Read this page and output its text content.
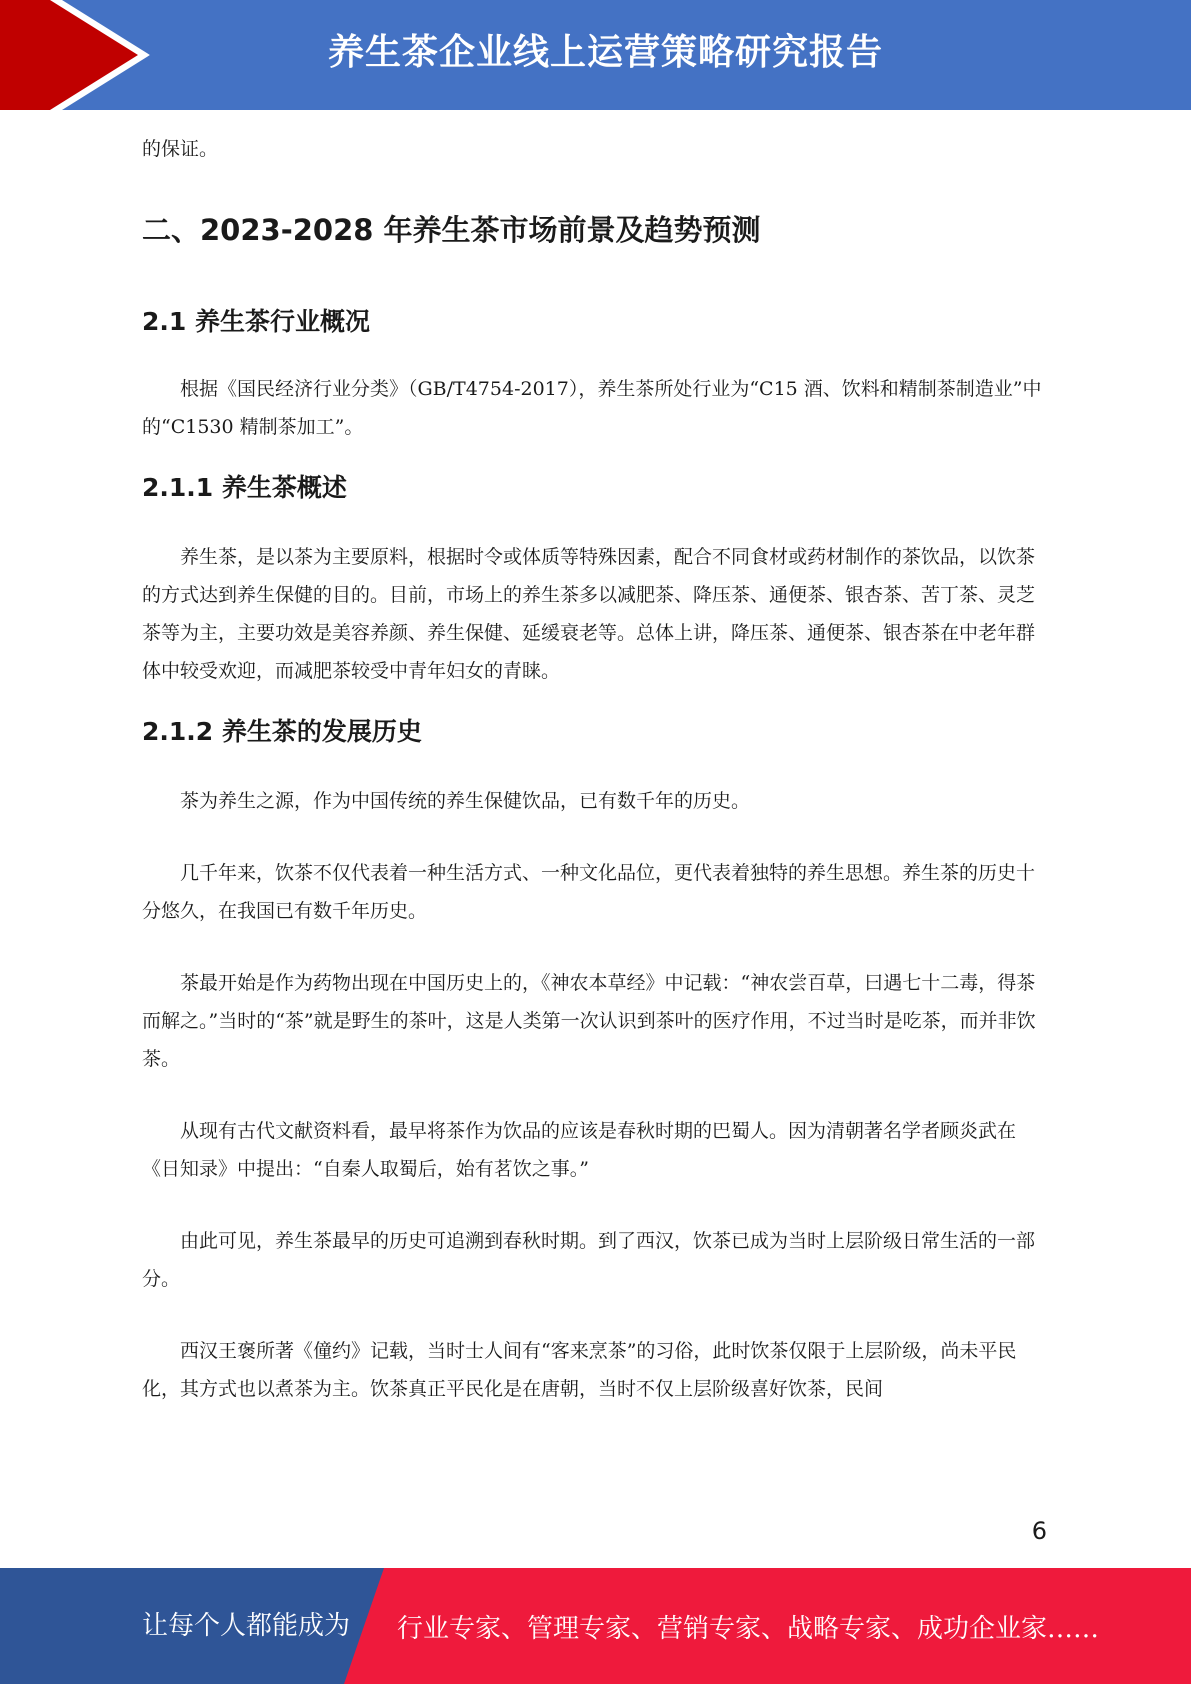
养生茶企业线上运营策略研究报告

的保证。

二、2023-2028 年养生茶市场前景及趋势预测
2.1 养生茶行业概况

根据《国民经济行业分类》（GB/T4754-2017），养生茶所处行业为“C15 酒、饮料和精制茶制造业”中的“C1530 精制茶加工”。

2.1.1 养生茶概述

养生茶，是以茶为主要原料，根据时令或体质等特殊因素，配合不同食材或药材制作的茶饮品，以饮茶的方式达到养生保健的目的。目前，市场上的养生茶多以减肥茶、降压茶、通便茶、银杏茶、苦丁茶、灵芝茶等为主，主要功效是美容养颜、养生保健、延缓衰老等。总体上讲，降压茶、通便茶、银杏茶在中老年群体中较受欢迎，而减肥茶较受中青年妇女的青睐。

2.1.2 养生茶的发展历史

茶为养生之源，作为中国传统的养生保健饮品，已有数千年的历史。

几千年来，饮茶不仅代表着一种生活方式、一种文化品位，更代表着独特的养生思想。养生茶的历史十分悠久，在我国已有数千年历史。

茶最开始是作为药物出现在中国历史上的，《神农本草经》中记载：“神农尝百草，曰遇七十二毒，得茶而解之。”当时的“茶”就是野生的茶叶，这是人类第一次认识到茶叶的医疗作用，不过当时是吃茶，而并非饮茶。

从现有古代文献资料看，最早将茶作为饮品的应该是春秋时期的巴蜀人。因为清朝著名学者顾炎武在《日知录》中提出：“自秦人取蜀后，始有茗饮之事。”

由此可见，养生茶最早的历史可追溯到春秋时期。到了西汉，饮茶已成为当时上层阶级日常生活的一部分。

西汉王褒所著《僮约》记载，当时士人间有“客来烹茶”的习俗，此时饮茶仅限于上层阶级，尚未平民化，其方式也以煮茶为主。饮茶真正平民化是在唐朝，当时不仅上层阶级喜好饮茶，民间

6
让每个人都能成为 行业专家、管理专家、营销专家、战略专家、成功企业家……
